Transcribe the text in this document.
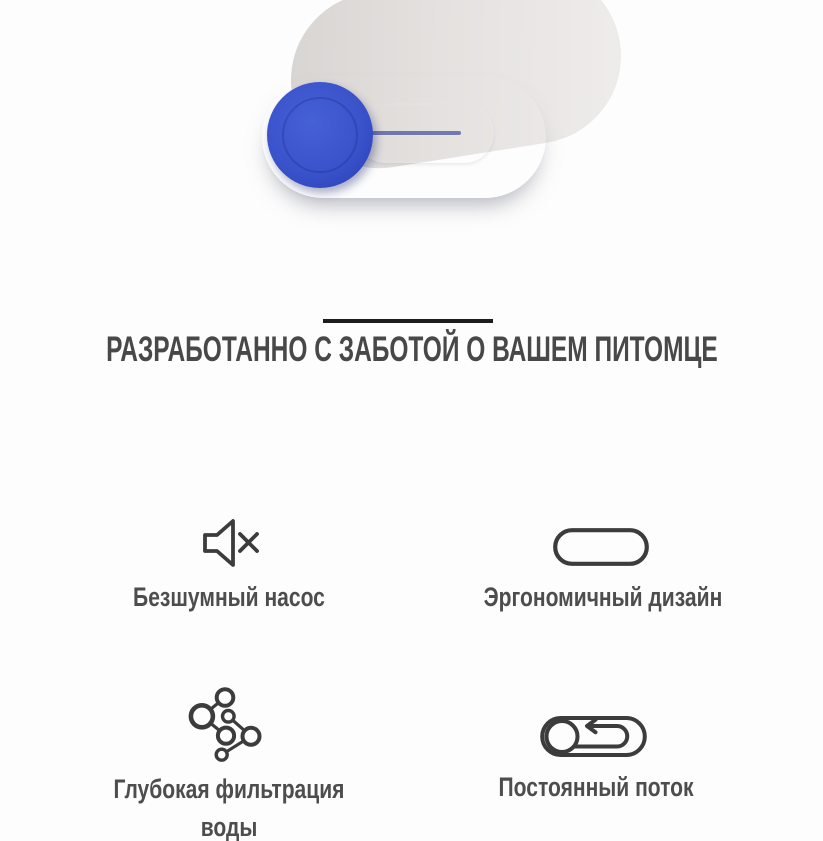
РАЗРАБОТАННО С ЗАБОТОЙ О ВАШЕМ ПИТОМЦЕ
Безшумный насос	Эргономичный дизайн
Глубокая фильтрация
воды
Постоянный поток
